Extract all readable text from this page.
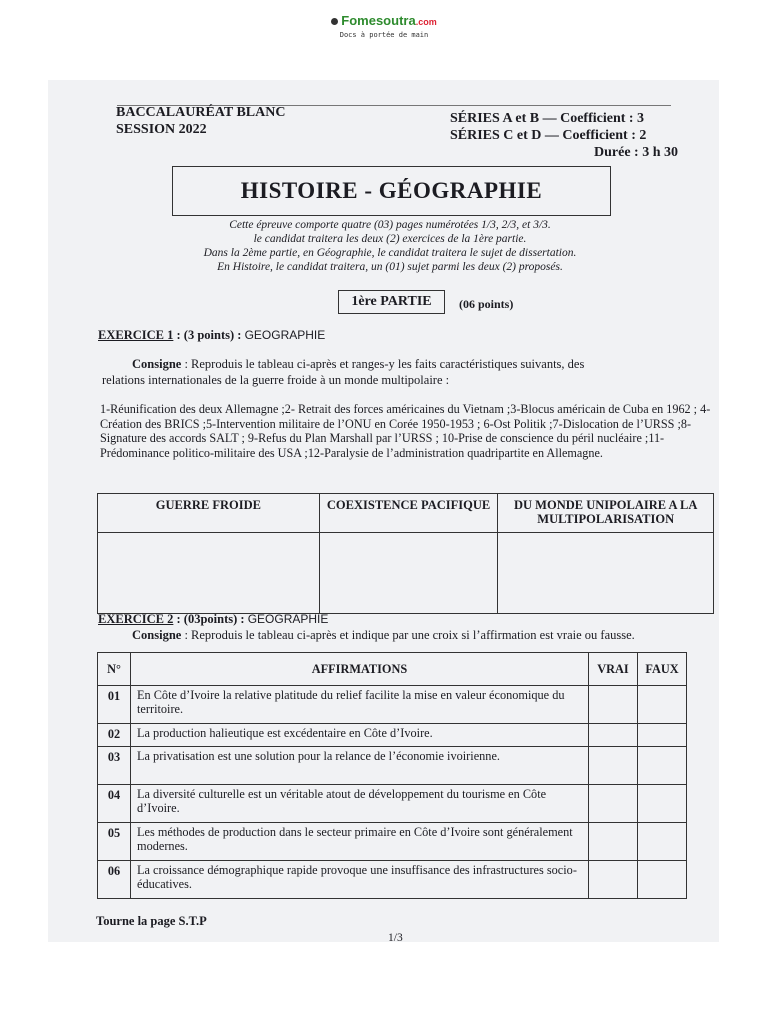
Fomesoutra.com
Docs à portée de main
BACCALAURÉAT BLANC
SESSION 2022
SÉRIES A et B — Coefficient : 3
SÉRIES C et D — Coefficient : 2
Durée : 3 h 30
HISTOIRE - GÉOGRAPHIE
Cette épreuve comporte quatre (03) pages numérotées 1/3, 2/3, et 3/3.
le candidat traitera les deux (2) exercices de la 1ère partie.
Dans la 2ème partie, en Géographie, le candidat traitera le sujet de dissertation.
En Histoire, le candidat traitera, un (01) sujet parmi les deux (2) proposés.
1ère PARTIE	(06 points)
EXERCICE 1 : (3 points) : GEOGRAPHIE
Consigne : Reproduis le tableau ci-après et ranges-y les faits caractéristiques suivants, des relations internationales de la guerre froide à un monde multipolaire :
1-Réunification des deux Allemagne ;2- Retrait des forces américaines du Vietnam ;3-Blocus américain de Cuba en 1962 ; 4-Création des BRICS ;5-Intervention militaire de l’ONU en Corée 1950-1953 ; 6-Ost Politik ;7-Dislocation de l’URSS ;8-Signature des accords SALT ; 9-Refus du Plan Marshall par l’URSS ; 10-Prise de conscience du péril nucléaire ;11-Prédominance politico-militaire des USA ;12-Paralysie de l’administration quadripartite en Allemagne.
GUERRE FROIDE	COEXISTENCE PACIFIQUE	DU MONDE UNIPOLAIRE A LA MULTIPOLARISATION

EXERCICE 2 : (03points) : GEOGRAPHIE
Consigne : Reproduis le tableau ci-après et indique par une croix si l’affirmation est vraie ou fausse.
N°	AFFIRMATIONS	VRAI	FAUX
01	En Côte d’Ivoire la relative platitude du relief facilite la mise en valeur économique du territoire.		
02	La production halieutique est excédentaire en Côte d’Ivoire.		
03	La privatisation est une solution pour la relance de l’économie ivoirienne.		
04	La diversité culturelle est un véritable atout de développement du tourisme en Côte d’Ivoire.		
05	Les méthodes de production dans le secteur primaire en Côte d’Ivoire sont généralement modernes.		
06	La croissance démographique rapide provoque une insuffisance des infrastructures socio-éducatives.		
Tourne la page S.T.P
1/3
